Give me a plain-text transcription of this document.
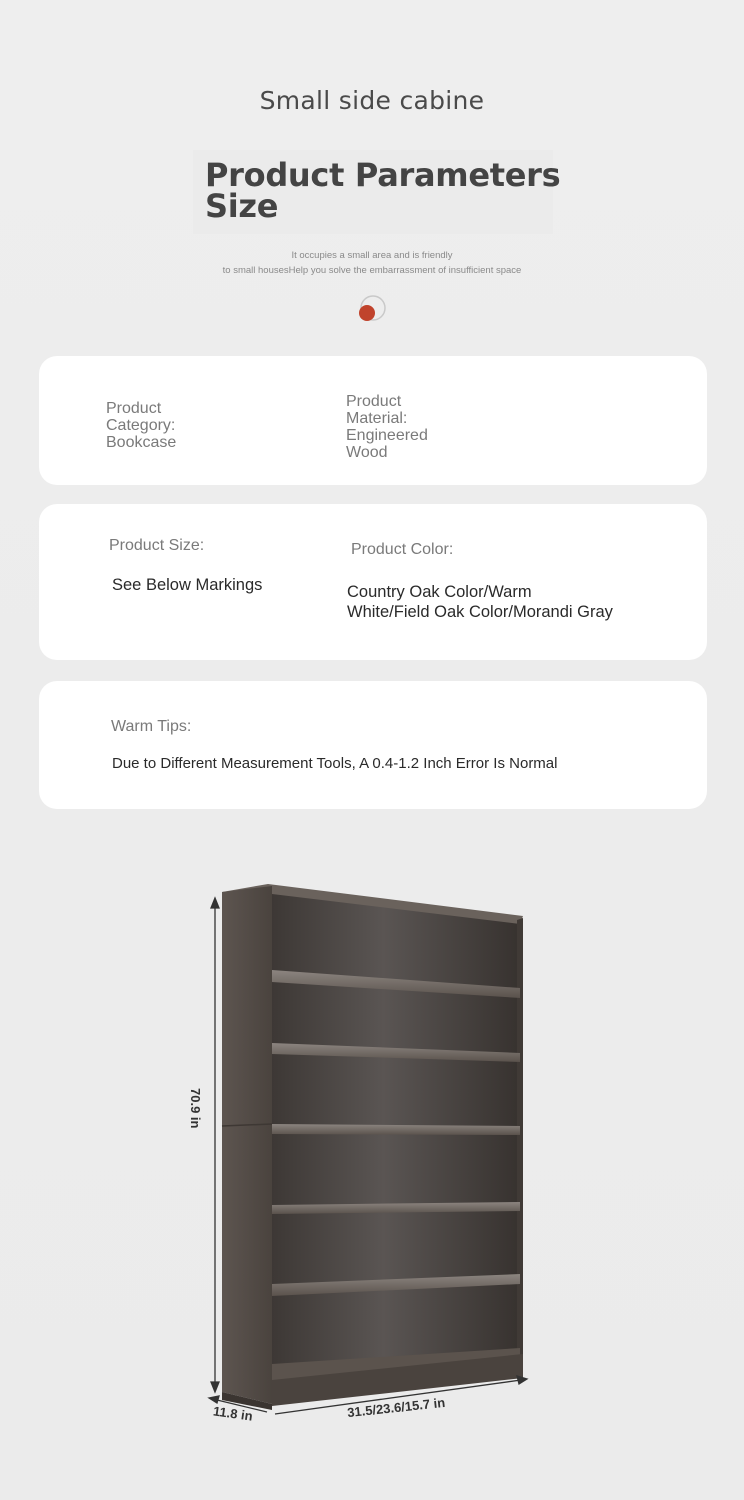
Small side cabine
Product Parameters
Size
It occupies a small area and is friendly
to small housesHelp you solve the embarrassment of insufficient space
Product
Category:
Bookcase
Product
Material:
Engineered
Wood
Product Size:
See Below Markings
Product Color:
Country Oak Color/Warm
White/Field Oak Color/Morandi Gray
Warm Tips:
Due to Different Measurement Tools, A 0.4-1.2 Inch Error Is Normal
70.9 in
11.8 in	31.5/23.6/15.7 in
